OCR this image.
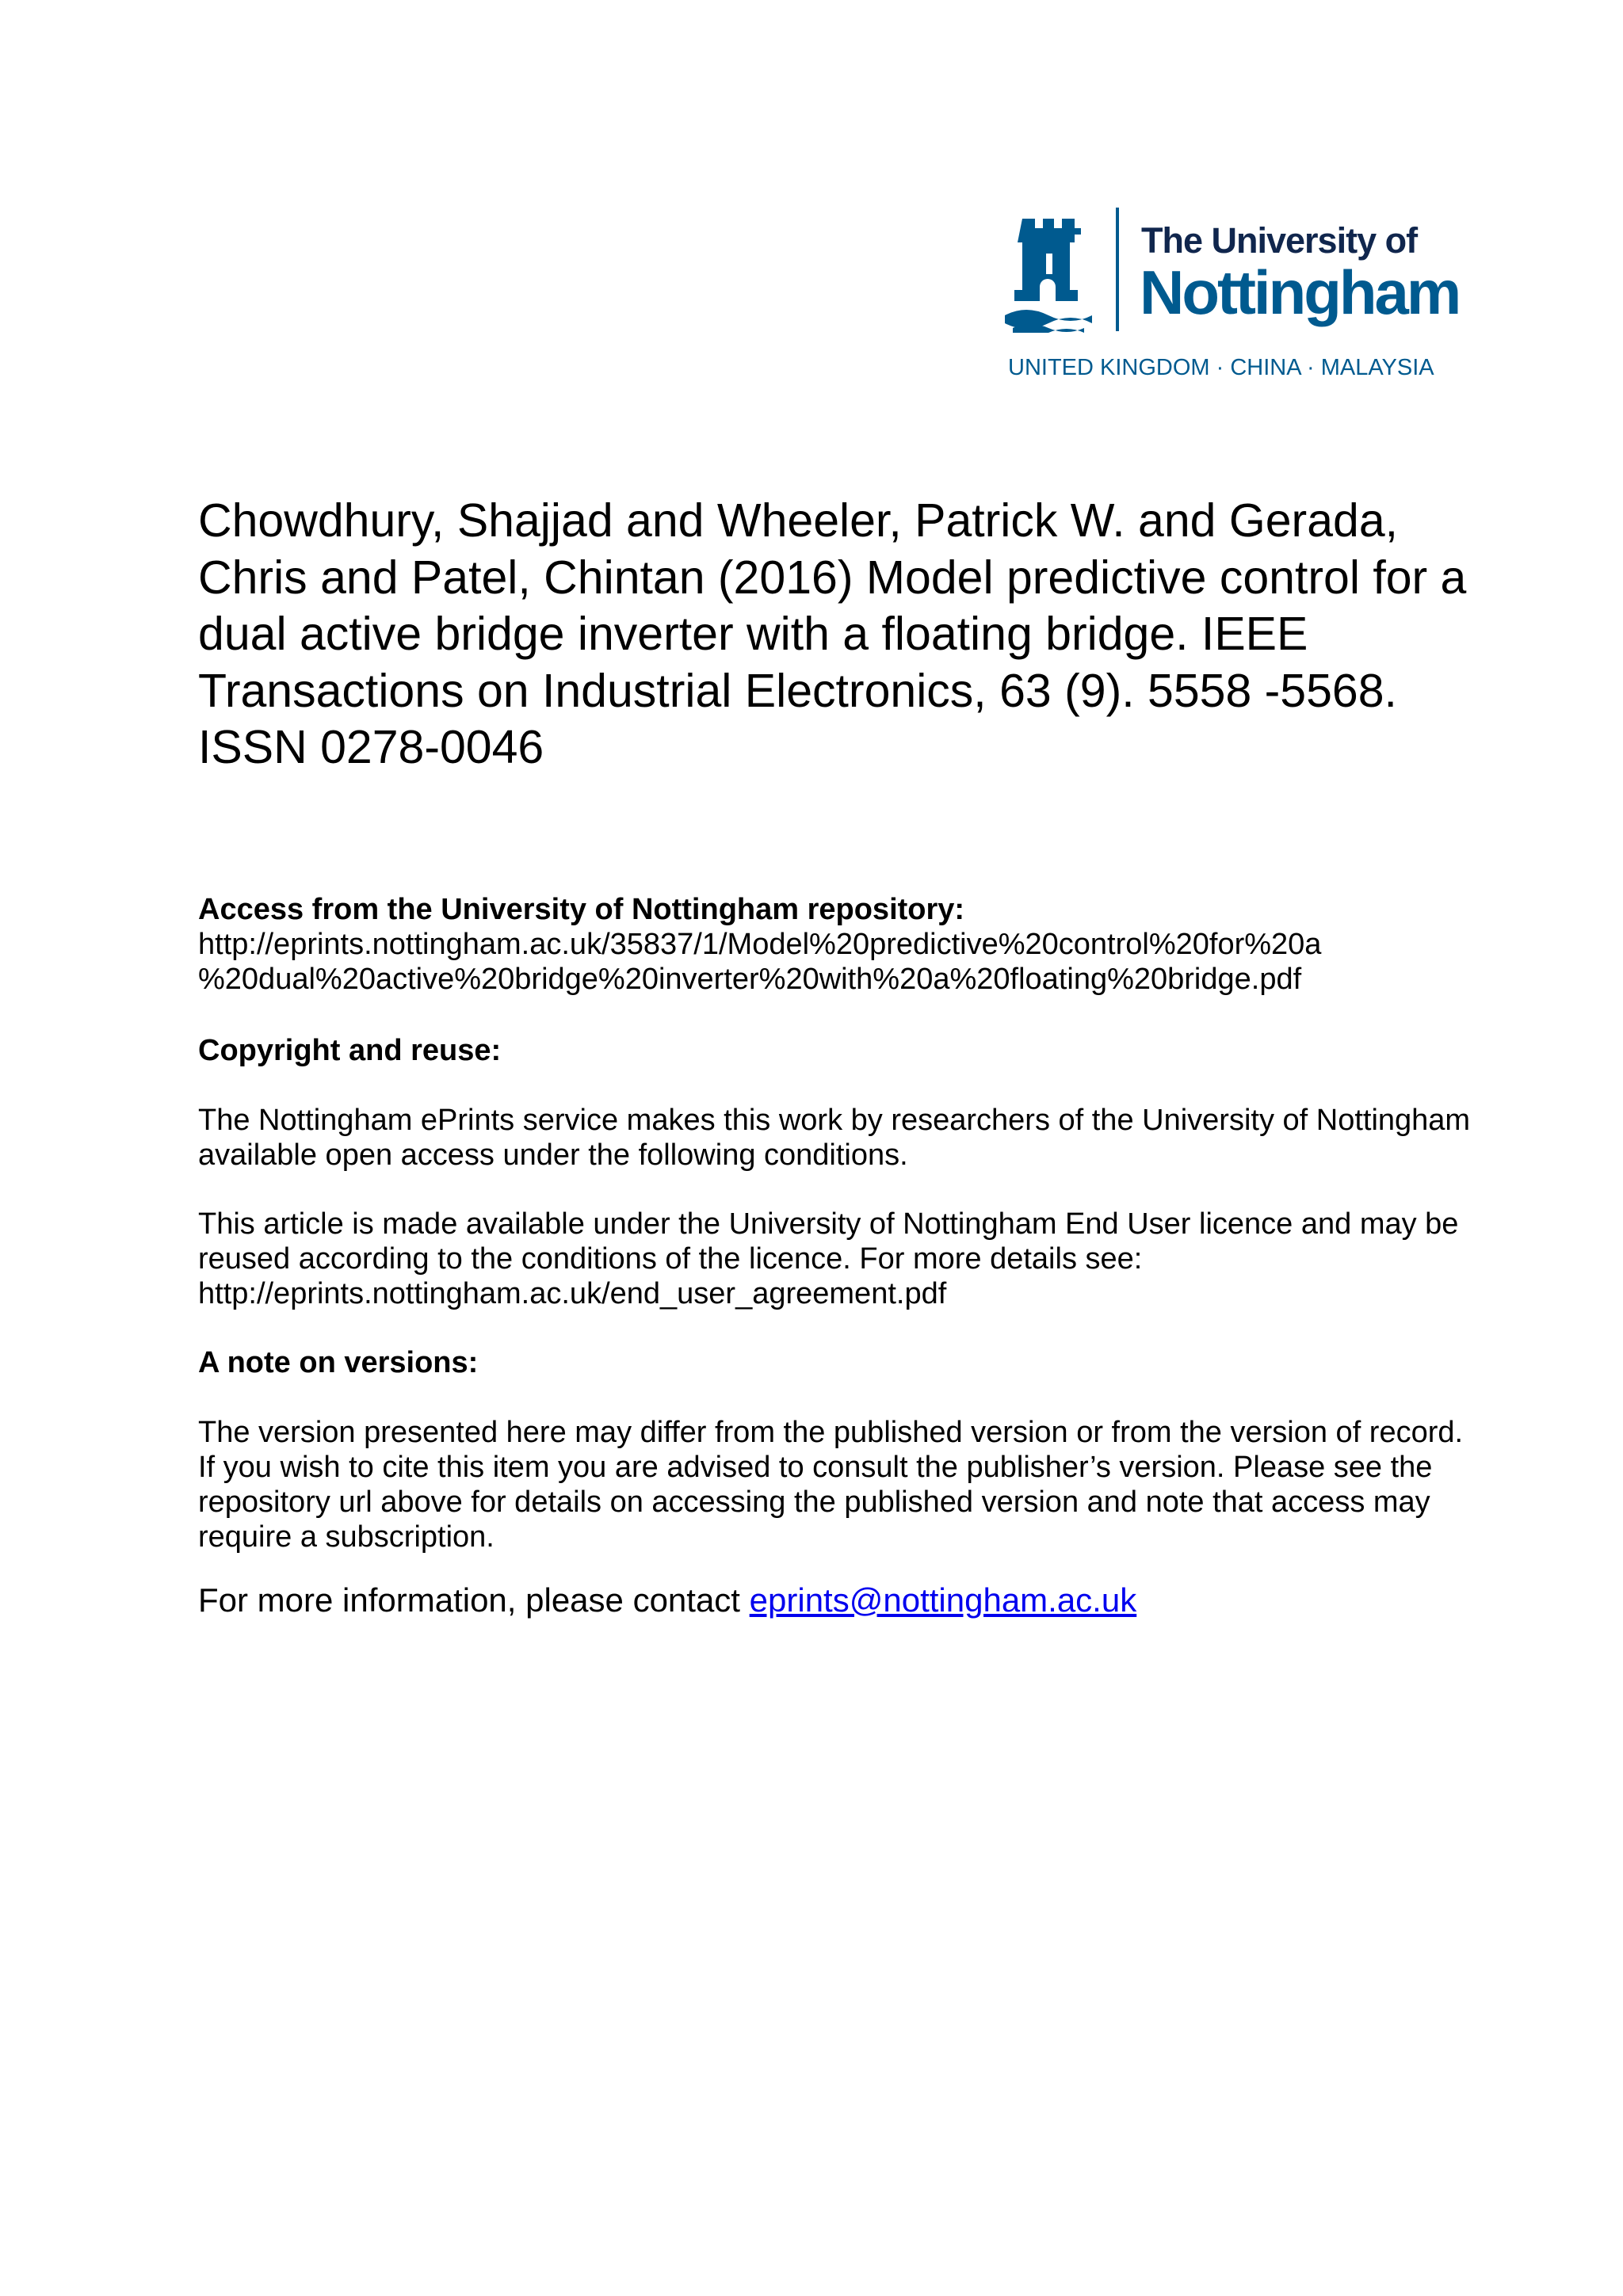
The University of
Nottingham
UNITED KINGDOM · CHINA · MALAYSIA
Chowdhury, Shajjad and Wheeler, Patrick W. and Gerada, Chris and Patel, Chintan (2016) Model predictive control for a dual active bridge inverter with a floating bridge. IEEE Transactions on Industrial Electronics, 63 (9). 5558 -5568. ISSN 0278-0046
Access from the University of Nottingham repository:
http://eprints.nottingham.ac.uk/35837/1/Model%20predictive%20control%20for%20a
%20dual%20active%20bridge%20inverter%20with%20a%20floating%20bridge.pdf
Copyright and reuse:

The Nottingham ePrints service makes this work by researchers of the University of Nottingham available open access under the following conditions.

This article is made available under the University of Nottingham End User licence and may be reused according to the conditions of the licence. For more details see:
http://eprints.nottingham.ac.uk/end_user_agreement.pdf
A note on versions:

The version presented here may differ from the published version or from the version of record. If you wish to cite this item you are advised to consult the publisher’s version. Please see the repository url above for details on accessing the published version and note that access may require a subscription.

For more information, please contact eprints@nottingham.ac.uk
